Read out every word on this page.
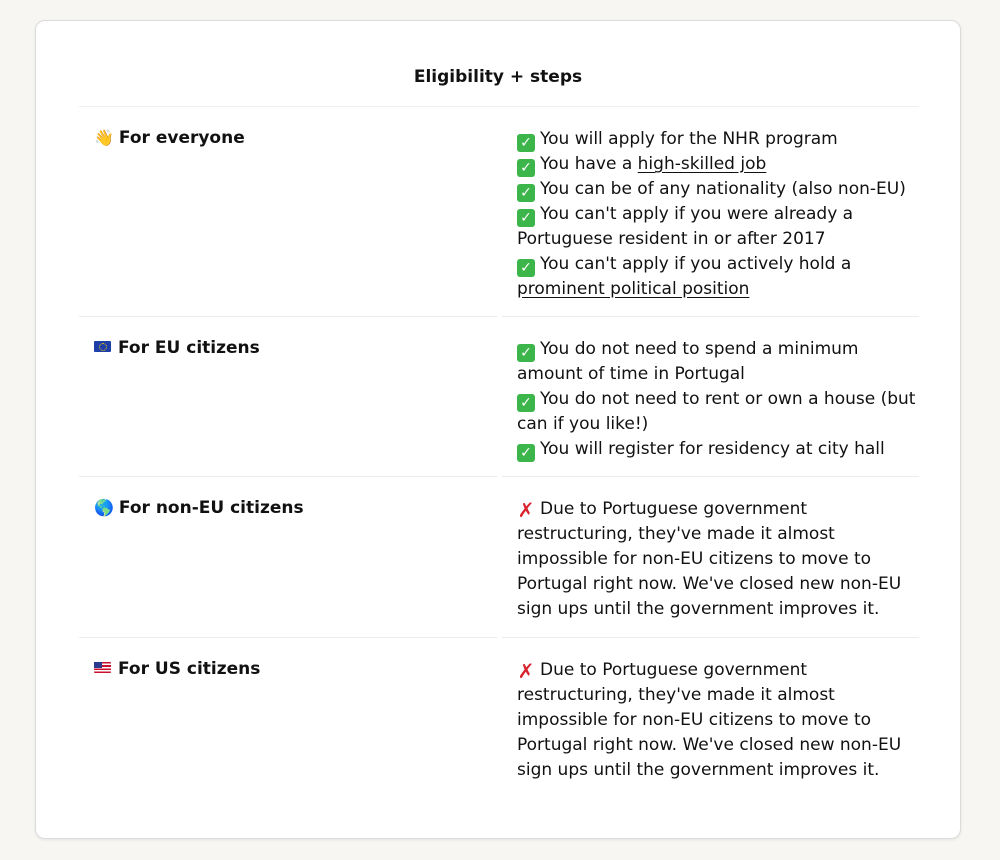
Eligibility + steps
👋 For everyone	✓ You will apply for the NHR program

✓ You have a high-skilled job

✓ You can be of any nationality (also non-EU)

✓ You can't apply if you were already a Portuguese resident in or after 2017

✓ You can't apply if you actively hold a prominent political position

For EU citizens	✓ You do not need to spend a minimum amount of time in Portugal

✓ You do not need to rent or own a house (but can if you like!)

✓ You will register for residency at city hall

🌎 For non-EU citizens	✗ Due to Portuguese government restructuring, they've made it almost impossible for non-EU citizens to move to Portugal right now. We've closed new non-EU sign ups until the government improves it.

For US citizens	✗ Due to Portuguese government restructuring, they've made it almost impossible for non-EU citizens to move to Portugal right now. We've closed new non-EU sign ups until the government improves it.
